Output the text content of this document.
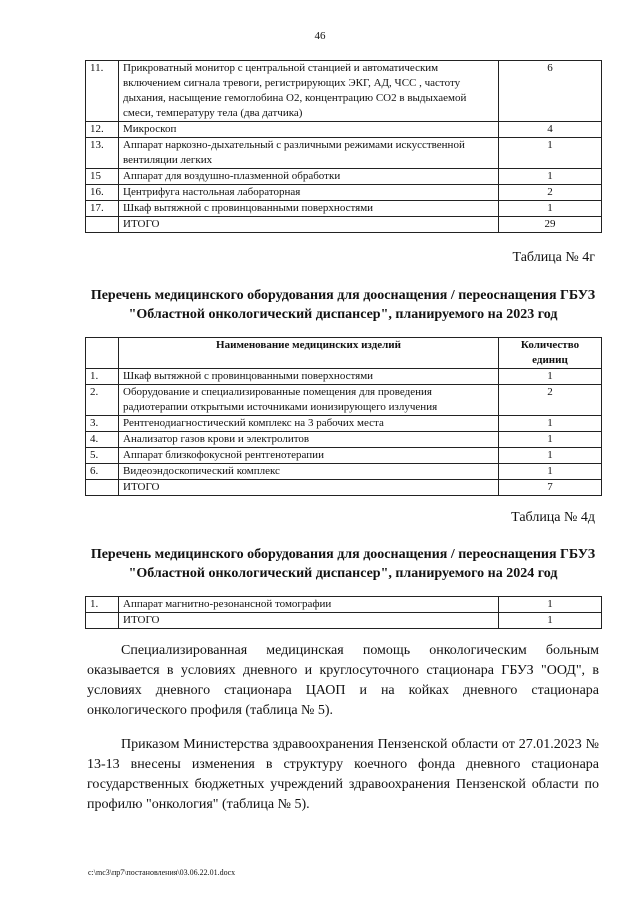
46
11.	Прикроватный монитор с центральной станцией и автоматическим включением сигнала тревоги, регистрирующих ЭКГ, АД, ЧСС , частоту дыхания, насыщение гемоглобина О2, концентрацию СО2 в выдыхаемой смеси, температуру тела (два датчика)	6
12.	Микроскоп	4
13.	Аппарат наркозно-дыхательный с различными режимами искусственной вентиляции легких	1
15	Аппарат для воздушно-плазменной обработки	1
16.	Центрифуга настольная лабораторная	2
17.	Шкаф вытяжной с провинцованными поверхностями	1
	ИТОГО	29
Таблица № 4г
Перечень медицинского оборудования для дооснащения / переоснащения ГБУЗ "Областной онкологический диспансер", планируемого на 2023 год
	Наименование медицинских изделий	Количество единиц
1.	Шкаф вытяжной с провинцованными поверхностями	1
2.	Оборудование и специализированные помещения для проведения радиотерапии открытыми источниками ионизирующего излучения	2
3.	Рентгенодиагностический комплекс на 3 рабочих места	1
4.	Анализатор газов крови и электролитов	1
5.	Аппарат близкофокусной рентгенотерапии	1
6.	Видеоэндоскопический комплекс	1
	ИТОГО	7
Таблица № 4д
Перечень медицинского оборудования для дооснащения / переоснащения ГБУЗ "Областной онкологический диспансер", планируемого на 2024 год
1.	Аппарат магнитно-резонансной томографии	1
	ИТОГО	1
Специализированная медицинская помощь онкологическим больным оказывается в условиях дневного и круглосуточного стационара ГБУЗ "ООД", в условиях дневного стационара ЦАОП и на койках дневного стационара онкологического профиля (таблица № 5).
Приказом Министерства здравоохранения Пензенской области от 27.01.2023 № 13-13 внесены изменения в структуру коечного фонда дневного стационара государственных бюджетных учреждений здравоохранения Пензенской области по профилю "онкология" (таблица № 5).
c:\mc3\пр7\постановления\03.06.22.01.docx
